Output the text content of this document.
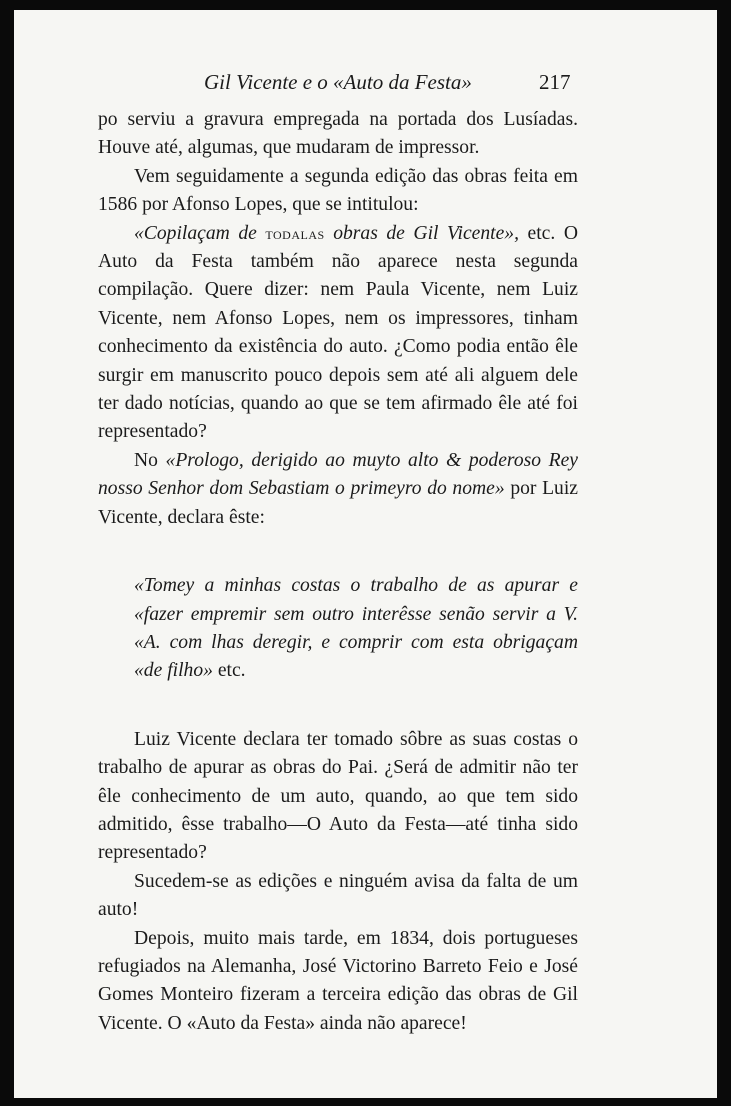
Gil Vicente e o «Auto da Festa»	217

po serviu a gravura empregada na portada dos Lusíadas. Houve até, algumas, que mudaram de impressor.

Vem seguidamente a segunda edição das obras feita em 1586 por Afonso Lopes, que se intitulou:

«Copilaçam de todalas obras de Gil Vicente», etc. O Auto da Festa também não aparece nesta segunda compilação. Quere dizer: nem Paula Vicente, nem Luiz Vicente, nem Afonso Lopes, nem os impressores, tinham conhecimento da existência do auto. ¿Como podia então êle surgir em manuscrito pouco depois sem até ali alguem dele ter dado notícias, quando ao que se tem afirmado êle até foi representado?

No «Prologo, derigido ao muyto alto & poderoso Rey nosso Senhor dom Sebastiam o primeyro do nome» por Luiz Vicente, declara êste:

«Tomey a minhas costas o trabalho de as apurar e «fazer empremir sem outro interêsse senão servir a V. «A. com lhas deregir, e comprir com esta obrigaçam «de filho» etc.

Luiz Vicente declara ter tomado sôbre as suas costas o trabalho de apurar as obras do Pai. ¿Será de admitir não ter êle conhecimento de um auto, quando, ao que tem sido admitido, êsse trabalho—O Auto da Festa—até tinha sido representado?

Sucedem-se as edições e ninguém avisa da falta de um auto!

Depois, muito mais tarde, em 1834, dois portugueses refugiados na Alemanha, José Victorino Barreto Feio e José Gomes Monteiro fizeram a terceira edição das obras de Gil Vicente. O «Auto da Festa» ainda não aparece!
